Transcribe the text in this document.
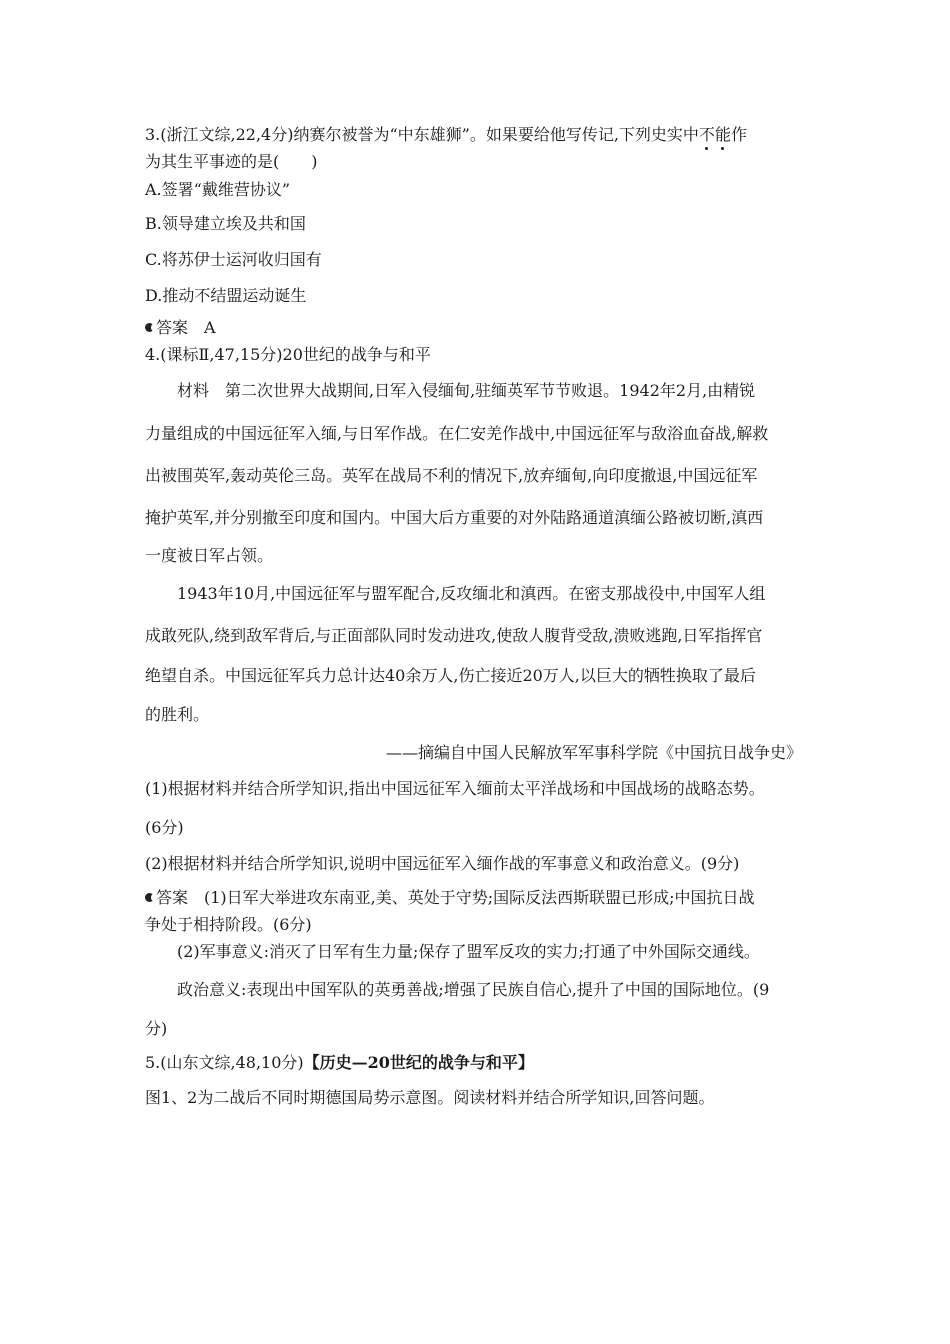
3.(浙江文综,22,4分)纳赛尔被誉为“中东雄狮”。如果要给他写传记,下列史实中不能作
为其生平事迹的是(　　)
A.签署“戴维营协议”
B.领导建立埃及共和国
C.将苏伊士运河收归国有
D.推动不结盟运动诞生
答案　A
4.(课标Ⅱ,47,15分)20世纪的战争与和平
材料　第二次世界大战期间,日军入侵缅甸,驻缅英军节节败退。1942年2月,由精锐
力量组成的中国远征军入缅,与日军作战。在仁安羌作战中,中国远征军与敌浴血奋战,解救
出被围英军,轰动英伦三岛。英军在战局不利的情况下,放弃缅甸,向印度撤退,中国远征军
掩护英军,并分别撤至印度和国内。中国大后方重要的对外陆路通道滇缅公路被切断,滇西
一度被日军占领。
1943年10月,中国远征军与盟军配合,反攻缅北和滇西。在密支那战役中,中国军人组
成敢死队,绕到敌军背后,与正面部队同时发动进攻,使敌人腹背受敌,溃败逃跑,日军指挥官
绝望自杀。中国远征军兵力总计达40余万人,伤亡接近20万人,以巨大的牺牲换取了最后
的胜利。
——摘编自中国人民解放军军事科学院《中国抗日战争史》
(1)根据材料并结合所学知识,指出中国远征军入缅前太平洋战场和中国战场的战略态势。
(6分)
(2)根据材料并结合所学知识,说明中国远征军入缅作战的军事意义和政治意义。(9分)
答案　(1)日军大举进攻东南亚,美、英处于守势;国际反法西斯联盟已形成;中国抗日战
争处于相持阶段。(6分)
(2)军事意义:消灭了日军有生力量;保存了盟军反攻的实力;打通了中外国际交通线。
政治意义:表现出中国军队的英勇善战;增强了民族自信心,提升了中国的国际地位。(9
分)
5.(山东文综,48,10分)【历史—20世纪的战争与和平】
图1、2为二战后不同时期德国局势示意图。阅读材料并结合所学知识,回答问题。
